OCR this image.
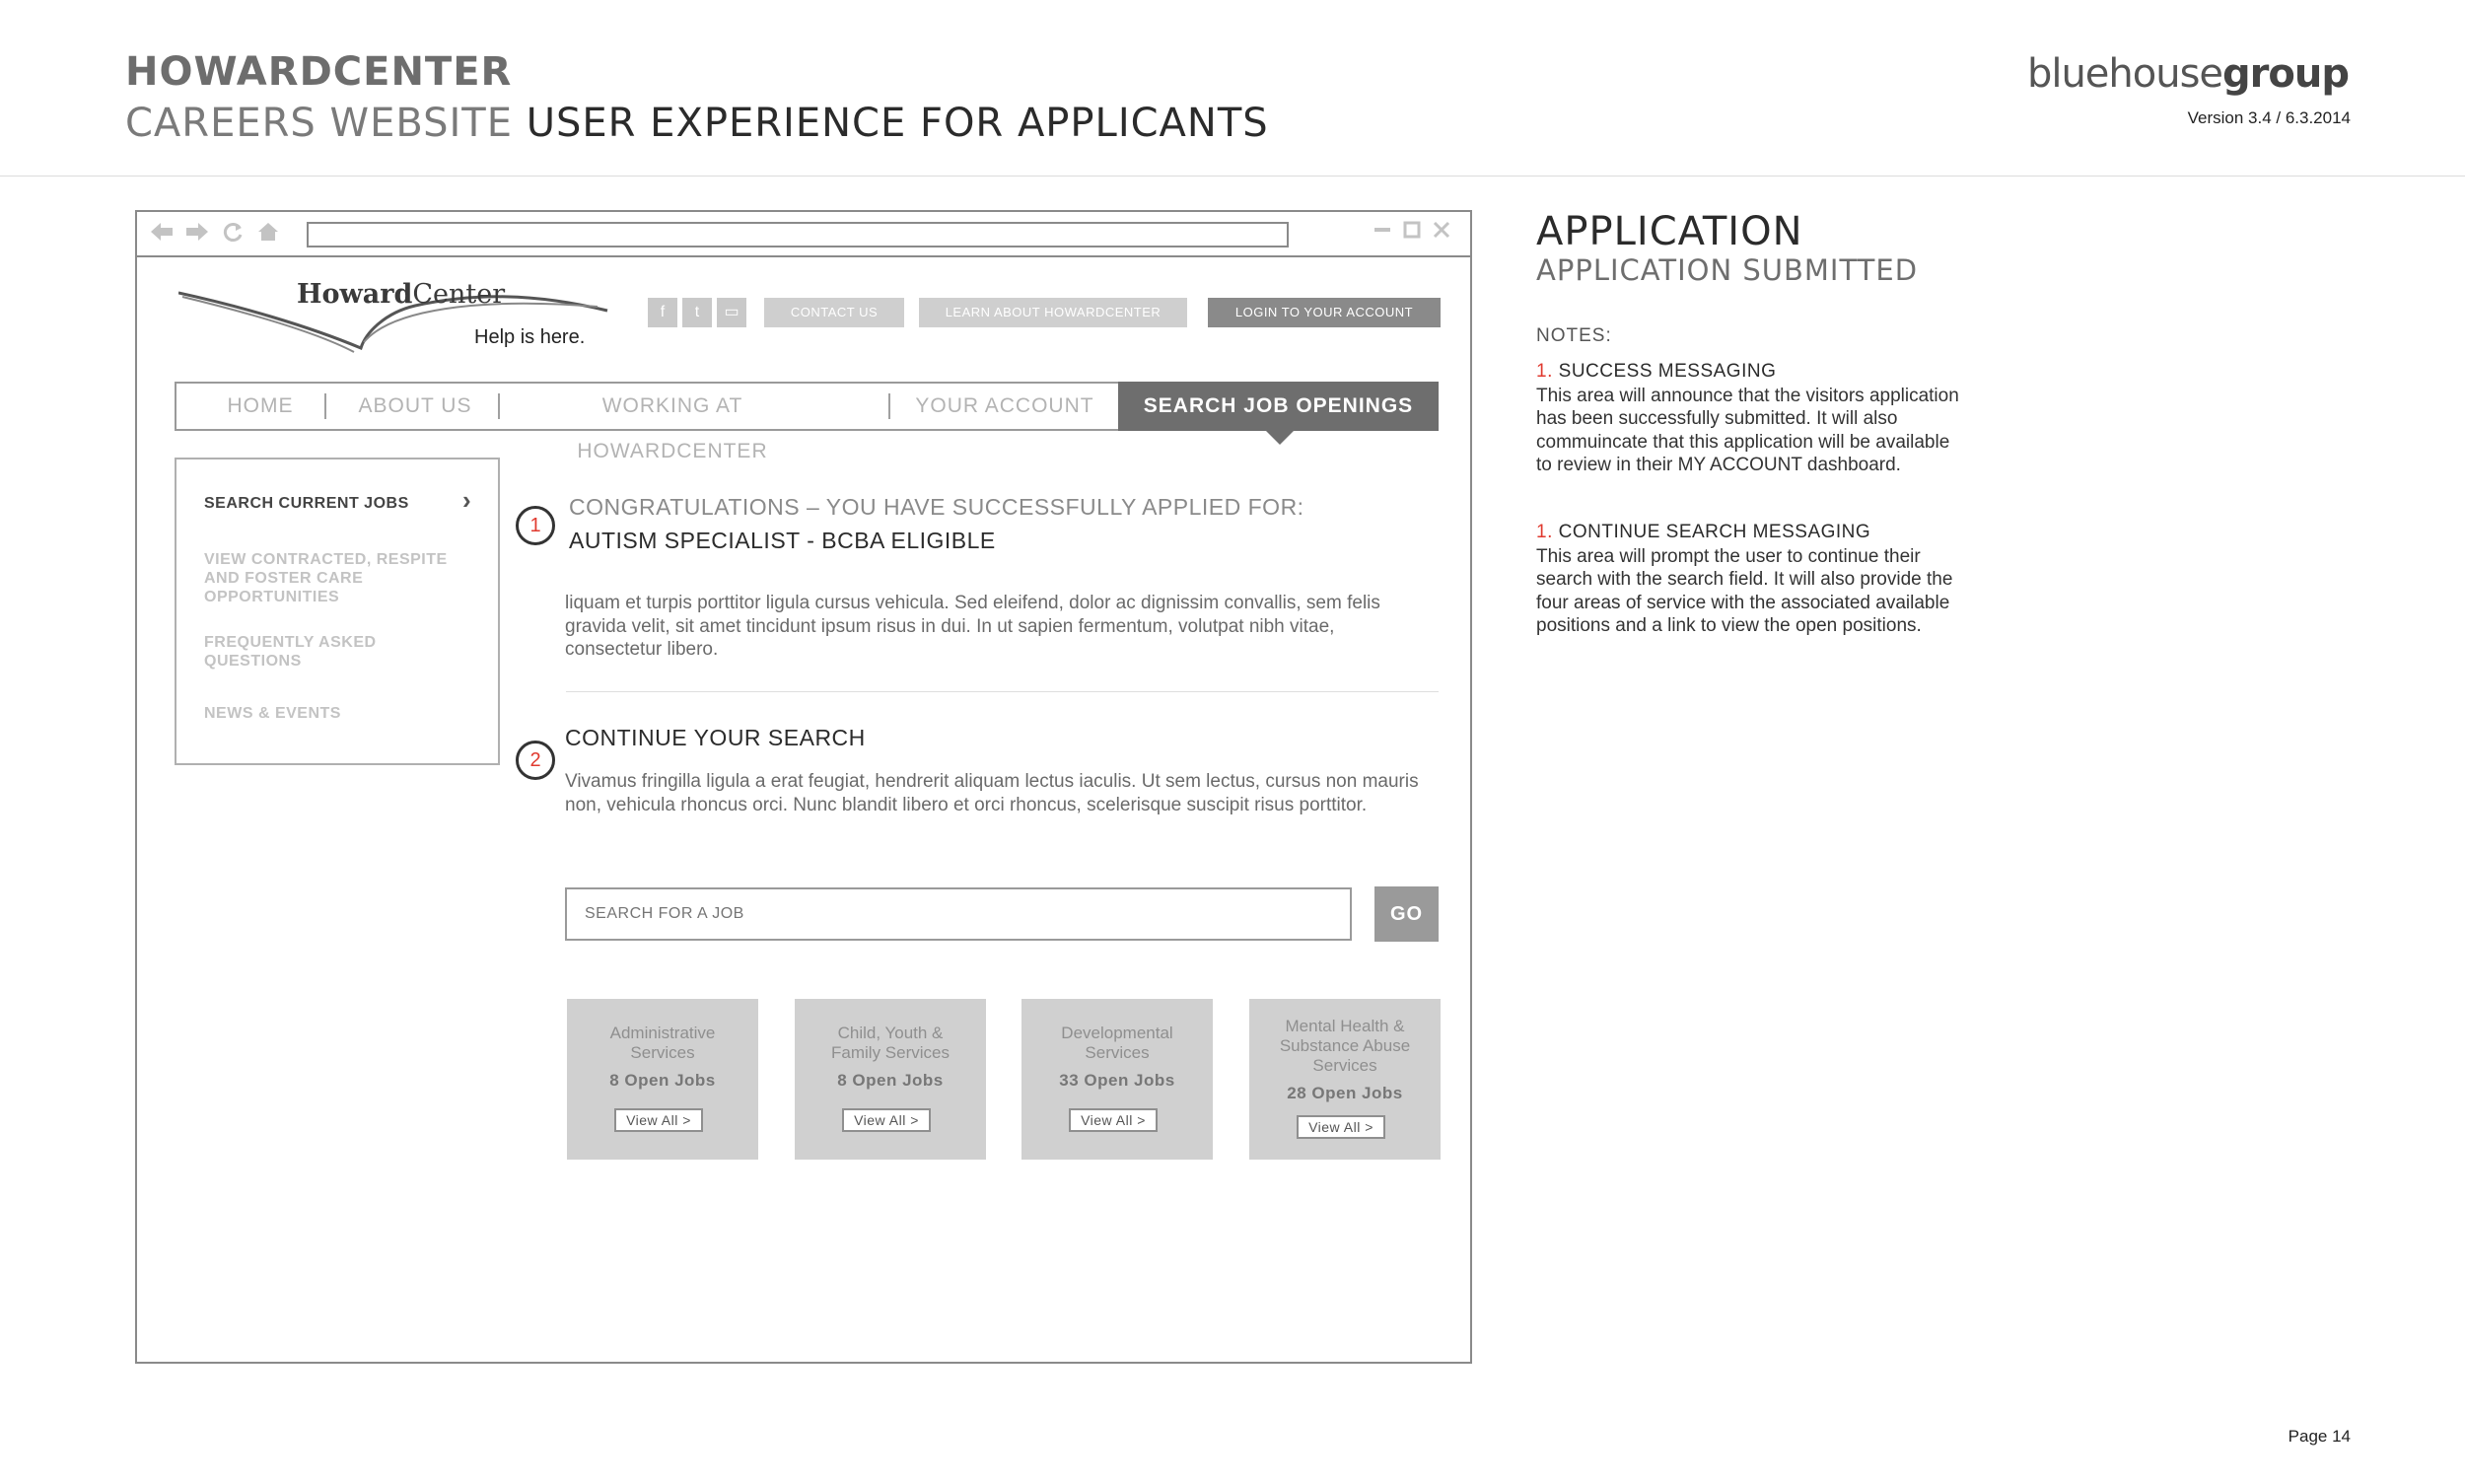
HOWARDCENTER
CAREERS WEBSITE USER EXPERIENCE FOR APPLICANTS
bluehousegroup
Version 3.4 / 6.3.2014
HowardCenter
Help is here.
f	t	▭	CONTACT US	LEARN ABOUT HOWARDCENTER	LOGIN TO YOUR ACCOUNT
HOME	ABOUT US	WORKING AT HOWARDCENTER
YOUR ACCOUNT	SEARCH JOB OPENINGS
SEARCH CURRENT JOBS	›
VIEW CONTRACTED, RESPITE AND FOSTER CARE OPPORTUNITIES
FREQUENTLY ASKED QUESTIONS
NEWS & EVENTS
1
CONGRATULATIONS – YOU HAVE SUCCESSFULLY APPLIED FOR:
AUTISM SPECIALIST - BCBA ELIGIBLE
liquam et turpis porttitor ligula cursus vehicula. Sed eleifend, dolor ac dignissim convallis, sem felis gravida velit, sit amet tincidunt ipsum risus in dui. In ut sapien fermentum, volutpat nibh vitae, consectetur libero.
2
CONTINUE YOUR SEARCH
Vivamus fringilla ligula a erat feugiat, hendrerit aliquam lectus iaculis. Ut sem lectus, cursus non mauris non, vehicula rhoncus orci. Nunc blandit libero et orci rhoncus, scelerisque suscipit risus porttitor.
SEARCH FOR A JOB
GO
Administrative Services
8 Open Jobs
View All >
Child, Youth & Family Services
8 Open Jobs
View All >
Developmental Services
33 Open Jobs
View All >
Mental Health & Substance Abuse Services
28 Open Jobs
View All >
APPLICATION
APPLICATION SUBMITTED
NOTES:
1. SUCCESS MESSAGING
This area will announce that the visitors application has been successfully submitted. It will also commuincate that this application will be available to review in their MY ACCOUNT dashboard.
1. CONTINUE SEARCH MESSAGING
This area will prompt the user to continue their search with the search field. It will also provide the four areas of service with the associated available positions and a link to view the open positions.
Page 14
